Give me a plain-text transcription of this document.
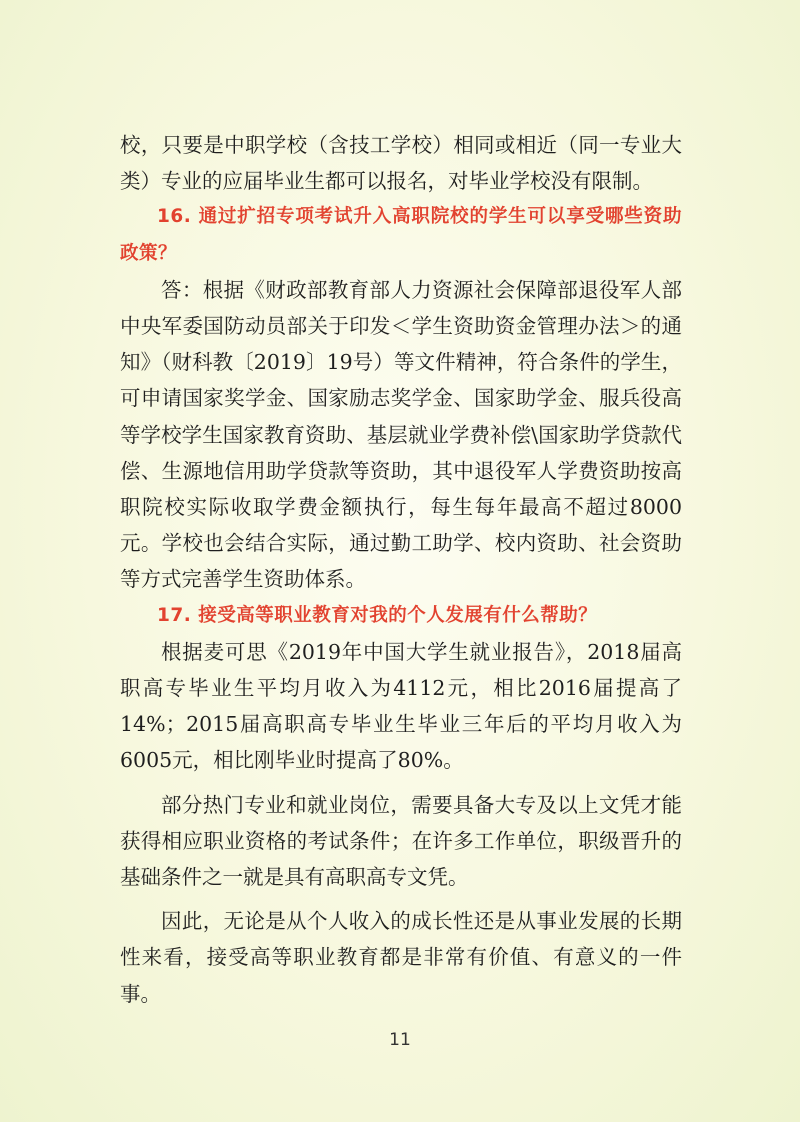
校，只要是中职学校（含技工学校）相同或相近（同一专业大类）专业的应届毕业生都可以报名，对毕业学校没有限制。

16. 通过扩招专项考试升入高职院校的学生可以享受哪些资助政策？

答：根据《财政部教育部人力资源社会保障部退役军人部中央军委国防动员部关于印发＜学生资助资金管理办法＞的通知》（财科教〔2019〕19号）等文件精神，符合条件的学生，可申请国家奖学金、国家励志奖学金、国家助学金、服兵役高等学校学生国家教育资助、基层就业学费补偿\国家助学贷款代偿、生源地信用助学贷款等资助，其中退役军人学费资助按高职院校实际收取学费金额执行，每生每年最高不超过8000元。学校也会结合实际，通过勤工助学、校内资助、社会资助等方式完善学生资助体系。

17. 接受高等职业教育对我的个人发展有什么帮助？

根据麦可思《2019年中国大学生就业报告》，2018届高职高专毕业生平均月收入为4112元，相比2016届提高了14%；2015届高职高专毕业生毕业三年后的平均月收入为6005元，相比刚毕业时提高了80%。

部分热门专业和就业岗位，需要具备大专及以上文凭才能获得相应职业资格的考试条件；在许多工作单位，职级晋升的基础条件之一就是具有高职高专文凭。

因此，无论是从个人收入的成长性还是从事业发展的长期性来看，接受高等职业教育都是非常有价值、有意义的一件事。

11
